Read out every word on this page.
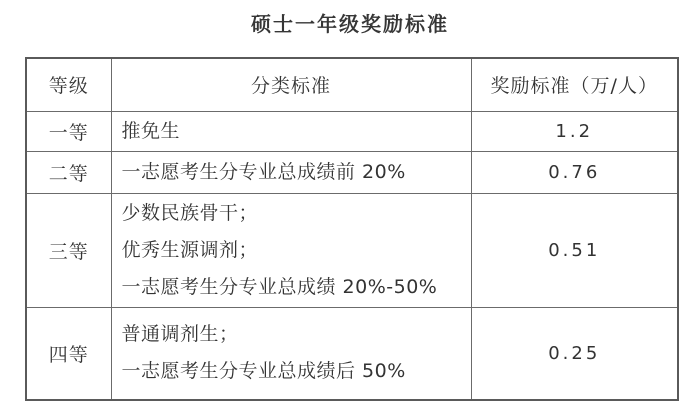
硕士一年级奖励标准
等级	分类标准	奖励标准（万/人）
一等	推免生	1.2
二等	一志愿考生分专业总成绩前 20%	0.76
三等	少数民族骨干；
优秀生源调剂；
一志愿考生分专业总成绩 20%-50%	0.51
四等	普通调剂生；
一志愿考生分专业总成绩后 50%	0.25
